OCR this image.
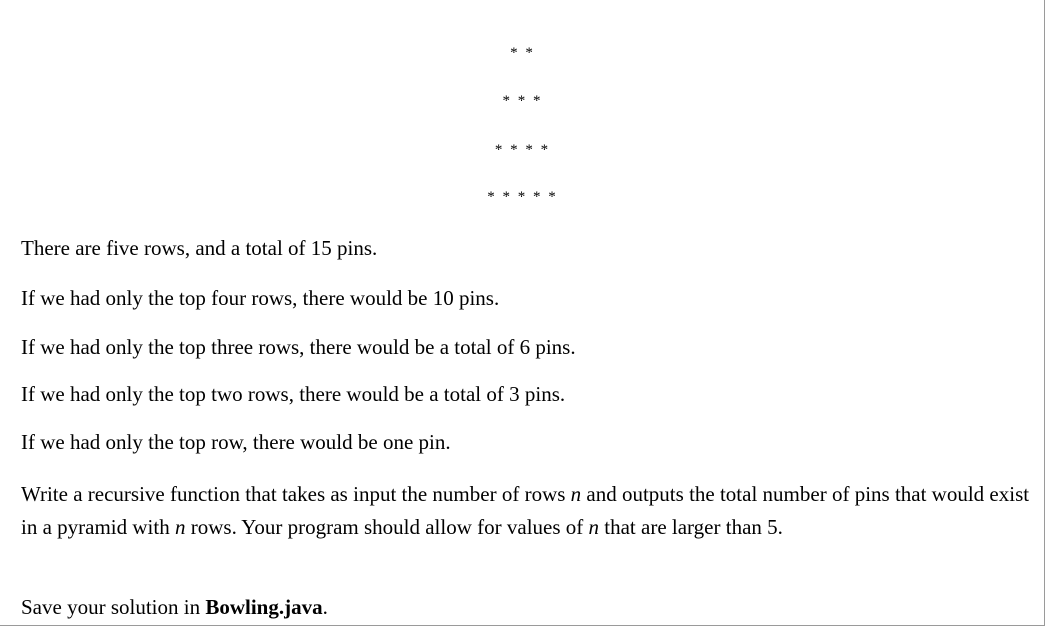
* *
* * *
* * * *
* * * * *

There are five rows, and a total of 15 pins.

If we had only the top four rows, there would be 10 pins.

If we had only the top three rows, there would be a total of 6 pins.

If we had only the top two rows, there would be a total of 3 pins.

If we had only the top row, there would be one pin.

Write a recursive function that takes as input the number of rows n and outputs the total number of pins that would exist in a pyramid with n rows. Your program should allow for values of n that are larger than 5.

Save your solution in Bowling.java.
